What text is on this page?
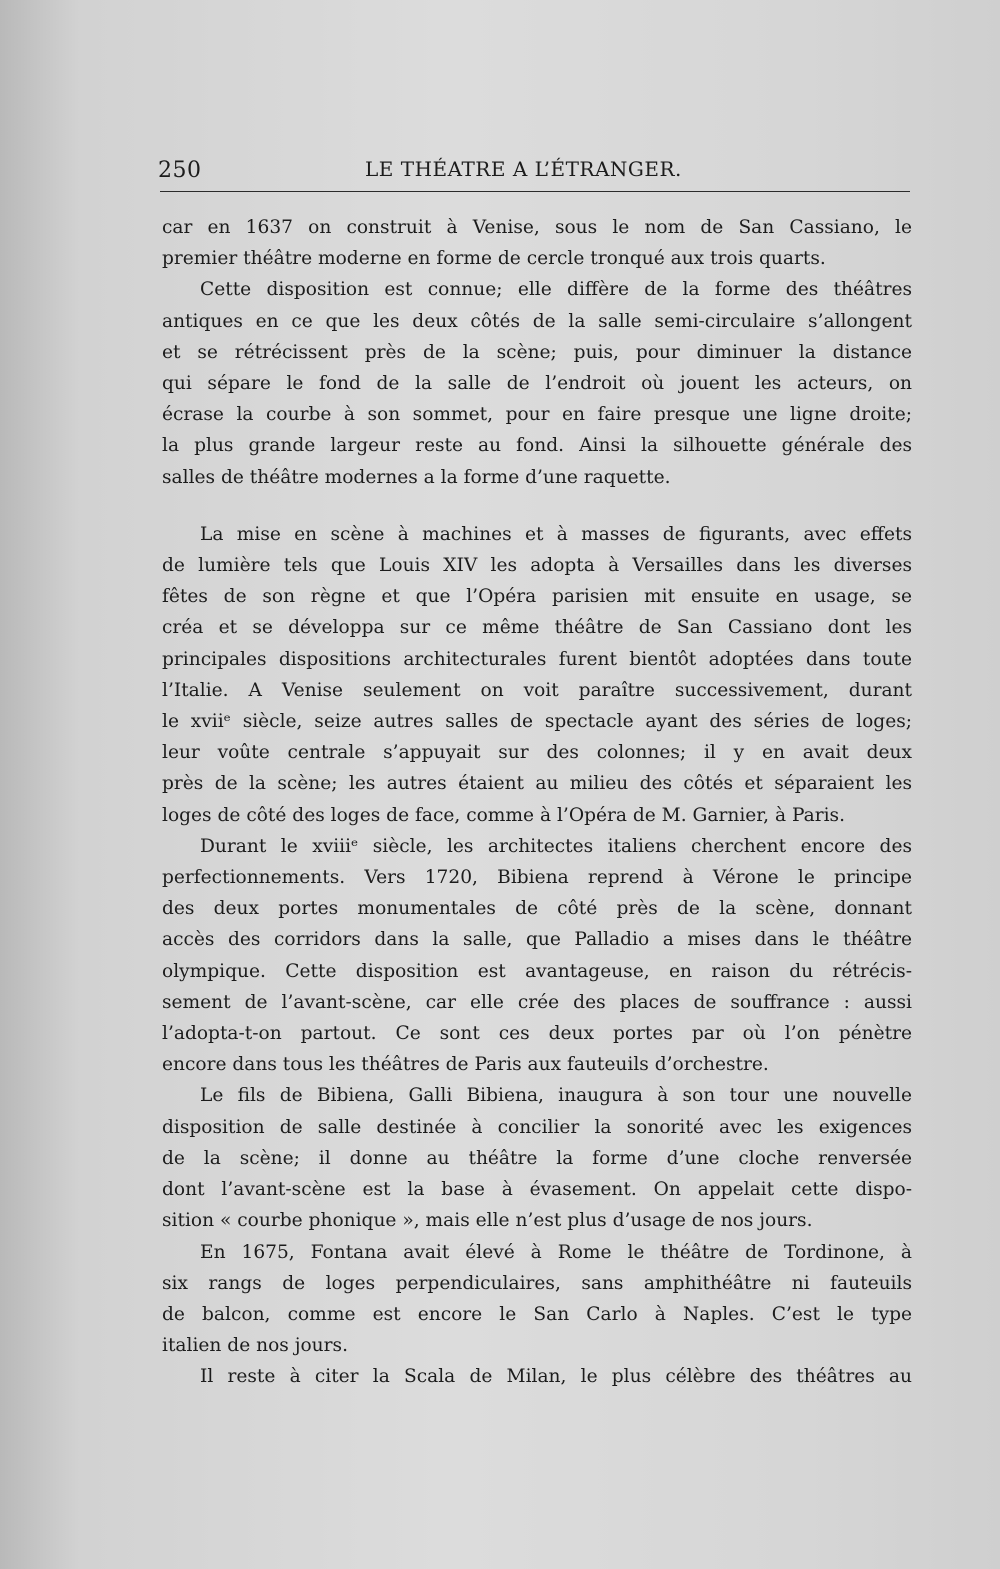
250	LE THÉATRE A L’ÉTRANGER.
car en 1637 on construit à Venise, sous le nom de San Cassiano, le
premier théâtre moderne en forme de cercle tronqué aux trois quarts.
Cette disposition est connue; elle diffère de la forme des théâtres
antiques en ce que les deux côtés de la salle semi-circulaire s’allongent
et se rétrécissent près de la scène; puis, pour diminuer la distance
qui sépare le fond de la salle de l’endroit où jouent les acteurs, on
écrase la courbe à son sommet, pour en faire presque une ligne droite;
la plus grande largeur reste au fond. Ainsi la silhouette générale des
salles de théâtre modernes a la forme d’une raquette.
La mise en scène à machines et à masses de figurants, avec effets
de lumière tels que Louis XIV les adopta à Versailles dans les diverses
fêtes de son règne et que l’Opéra parisien mit ensuite en usage, se
créa et se développa sur ce même théâtre de San Cassiano dont les
principales dispositions architecturales furent bientôt adoptées dans toute
l’Italie. A Venise seulement on voit paraître successivement, durant
le xviiᵉ siècle, seize autres salles de spectacle ayant des séries de loges;
leur voûte centrale s’appuyait sur des colonnes; il y en avait deux
près de la scène; les autres étaient au milieu des côtés et séparaient les
loges de côté des loges de face, comme à l’Opéra de M. Garnier, à Paris.
Durant le xviiiᵉ siècle, les architectes italiens cherchent encore des
perfectionnements. Vers 1720, Bibiena reprend à Vérone le principe
des deux portes monumentales de côté près de la scène, donnant
accès des corridors dans la salle, que Palladio a mises dans le théâtre
olympique. Cette disposition est avantageuse, en raison du rétrécis-
sement de l’avant-scène, car elle crée des places de souffrance : aussi
l’adopta-t-on partout. Ce sont ces deux portes par où l’on pénètre
encore dans tous les théâtres de Paris aux fauteuils d’orchestre.
Le fils de Bibiena, Galli Bibiena, inaugura à son tour une nouvelle
disposition de salle destinée à concilier la sonorité avec les exigences
de la scène; il donne au théâtre la forme d’une cloche renversée
dont l’avant-scène est la base à évasement. On appelait cette dispo-
sition « courbe phonique », mais elle n’est plus d’usage de nos jours.
En 1675, Fontana avait élevé à Rome le théâtre de Tordinone, à
six rangs de loges perpendiculaires, sans amphithéâtre ni fauteuils
de balcon, comme est encore le San Carlo à Naples. C’est le type
italien de nos jours.
Il reste à citer la Scala de Milan, le plus célèbre des théâtres au
